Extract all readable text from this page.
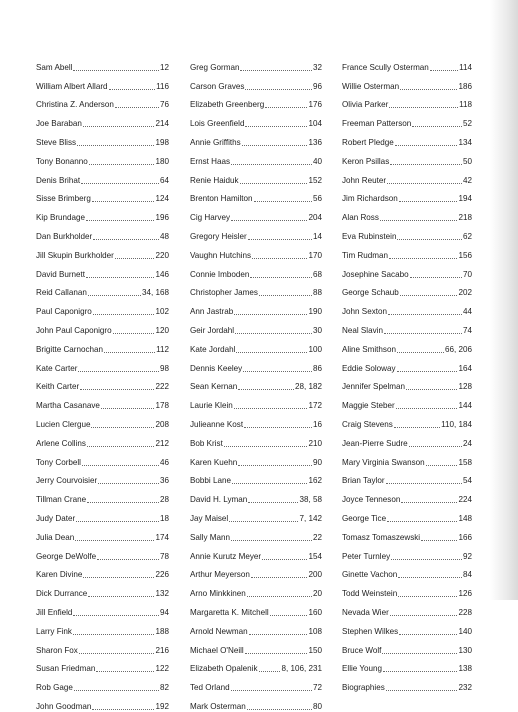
Sam Abell	12
William Albert Allard	116
Christina Z. Anderson	76
Joe Baraban	214
Steve Bliss	198
Tony Bonanno	180
Denis Brihat	64
Sisse Brimberg	124
Kip Brundage	196
Dan Burkholder	48
Jill Skupin Burkholder	220
David Burnett	146
Reid Callanan	34, 168
Paul Caponigro	102
John Paul Caponigro	120
Brigitte Carnochan	112
Kate Carter	98
Keith Carter	222
Martha Casanave	178
Lucien Clergue	208
Arlene Collins	212
Tony Corbell	46
Jerry Courvoisier	36
Tillman Crane	28
Judy Dater	18
Julia Dean	174
George DeWolfe	78
Karen Divine	226
Dick Durrance	132
Jill Enfield	94
Larry Fink	188
Sharon Fox	216
Susan Friedman	122
Rob Gage	82
John Goodman	192
Greg Gorman	32
Carson Graves	96
Elizabeth Greenberg	176
Lois Greenfield	104
Annie Griffiths	136
Ernst Haas	40
Renie Haiduk	152
Brenton Hamilton	56
Cig Harvey	204
Gregory Heisler	14
Vaughn Hutchins	170
Connie Imboden	68
Christopher James	88
Ann Jastrab	190
Geir Jordahl	30
Kate Jordahl	100
Dennis Keeley	86
Sean Kernan	28, 182
Laurie Klein	172
Julieanne Kost	16
Bob Krist	210
Karen Kuehn	90
Bobbi Lane	162
David H. Lyman	38, 58
Jay Maisel	7, 142
Sally Mann	22
Annie Kurutz Meyer	154
Arthur Meyerson	200
Arno Minkkinen	20
Margaretta K. Mitchell	160
Arnold Newman	108
Michael O'Neill	150
Elizabeth Opalenik	8, 106, 231
Ted Orland	72
Mark Osterman	80
France Scully Osterman	114
Willie Osterman	186
Olivia Parker	118
Freeman Patterson	52
Robert Pledge	134
Keron Psillas	50
John Reuter	42
Jim Richardson	194
Alan Ross	218
Eva Rubinstein	62
Tim Rudman	156
Josephine Sacabo	70
George Schaub	202
John Sexton	44
Neal Slavin	74
Aline Smithson	66, 206
Eddie Soloway	164
Jennifer Spelman	128
Maggie Steber	144
Craig Stevens	110, 184
Jean-Pierre Sudre	24
Mary Virginia Swanson	158
Brian Taylor	54
Joyce Tenneson	224
George Tice	148
Tomasz Tomaszewski	166
Peter Turnley	92
Ginette Vachon	84
Todd Weinstein	126
Nevada Wier	228
Stephen Wilkes	140
Bruce Wolf	130
Ellie Young	138
Biographies	232
